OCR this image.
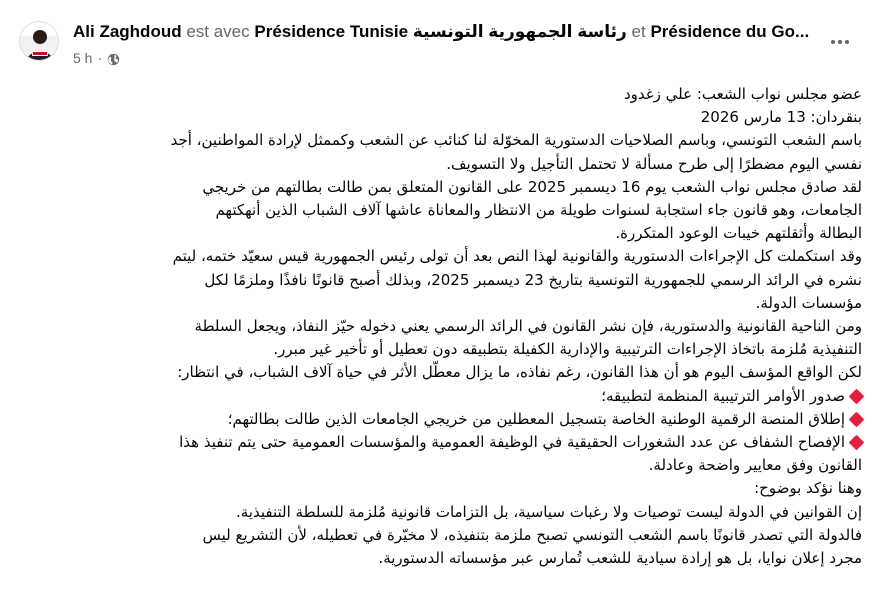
Ali Zaghdoud est avec Présidence Tunisie رئاسة الجمهورية التونسية et Présidence du Go...
5 h ·
عضو مجلس نواب الشعب: علي زغدود
بنقردان: 13 مارس 2026
باسم الشعب التونسي، وباسم الصلاحيات الدستورية المخوّلة لنا كنائب عن الشعب وكممثل لإرادة المواطنين، أجد
نفسي اليوم مضطرًا إلى طرح مسألة لا تحتمل التأجيل ولا التسويف.
لقد صادق مجلس نواب الشعب يوم 16 ديسمبر 2025 على القانون المتعلق بمن طالت بطالتهم من خريجي
الجامعات، وهو قانون جاء استجابة لسنوات طويلة من الانتظار والمعاناة عاشها آلاف الشباب الذين أنهكتهم
البطالة وأثقلتهم خيبات الوعود المتكررة.
وقد استكملت كل الإجراءات الدستورية والقانونية لهذا النص بعد أن تولى رئيس الجمهورية قيس سعيّد ختمه، ليتم
نشره في الرائد الرسمي للجمهورية التونسية بتاريخ 23 ديسمبر 2025، وبذلك أصبح قانونًا نافذًا وملزمًا لكل
مؤسسات الدولة.
ومن الناحية القانونية والدستورية، فإن نشر القانون في الرائد الرسمي يعني دخوله حيّز النفاذ، ويجعل السلطة
التنفيذية مُلزمة باتخاذ الإجراءات الترتيبية والإدارية الكفيلة بتطبيقه دون تعطيل أو تأخير غير مبرر.
لكن الواقع المؤسف اليوم هو أن هذا القانون، رغم نفاذه، ما يزال معطّل الأثر في حياة آلاف الشباب، في انتظار:
صدور الأوامر الترتيبية المنظمة لتطبيقه؛
إطلاق المنصة الرقمية الوطنية الخاصة بتسجيل المعطلين من خريجي الجامعات الذين طالت بطالتهم؛
الإفصاح الشفاف عن عدد الشغورات الحقيقية في الوظيفة العمومية والمؤسسات العمومية حتى يتم تنفيذ هذا
القانون وفق معايير واضحة وعادلة.
وهنا نؤكد بوضوح:
إن القوانين في الدولة ليست توصيات ولا رغبات سياسية، بل التزامات قانونية مُلزمة للسلطة التنفيذية.
فالدولة التي تصدر قانونًا باسم الشعب التونسي تصبح ملزمة بتنفيذه، لا مخيّرة في تعطيله، لأن التشريع ليس
مجرد إعلان نوايا، بل هو إرادة سيادية للشعب تُمارس عبر مؤسساته الدستورية.
